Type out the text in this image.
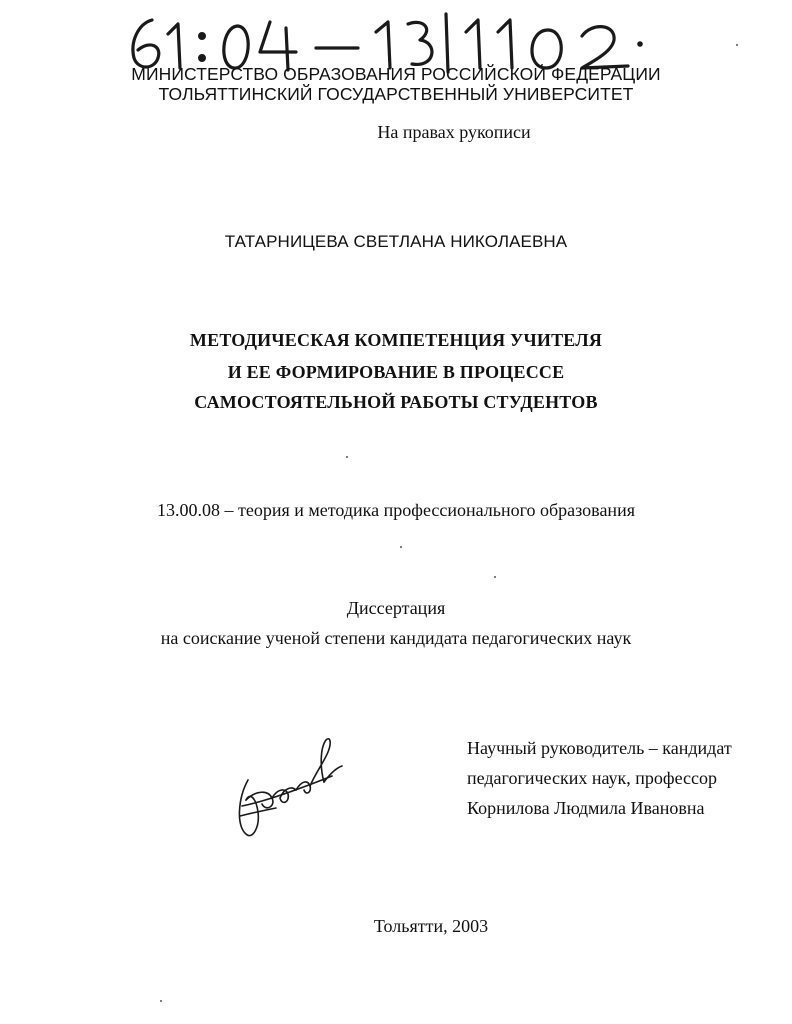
МИНИСТЕРСТВО ОБРАЗОВАНИЯ РОССИЙСКОЙ ФЕДЕРАЦИИ
ТОЛЬЯТТИНСКИЙ ГОСУДАРСТВЕННЫЙ УНИВЕРСИТЕТ
На правах рукописи
ТАТАРНИЦЕВА СВЕТЛАНА НИКОЛАЕВНА
МЕТОДИЧЕСКАЯ КОМПЕТЕНЦИЯ УЧИТЕЛЯ
И ЕЕ ФОРМИРОВАНИЕ В ПРОЦЕССЕ
САМОСТОЯТЕЛЬНОЙ РАБОТЫ СТУДЕНТОВ
13.00.08 – теория и методика профессионального образования
Диссертация
на соискание ученой степени кандидата педагогических наук
Научный руководитель – кандидат
педагогических наук, профессор
Корнилова Людмила Ивановна
Тольятти, 2003
